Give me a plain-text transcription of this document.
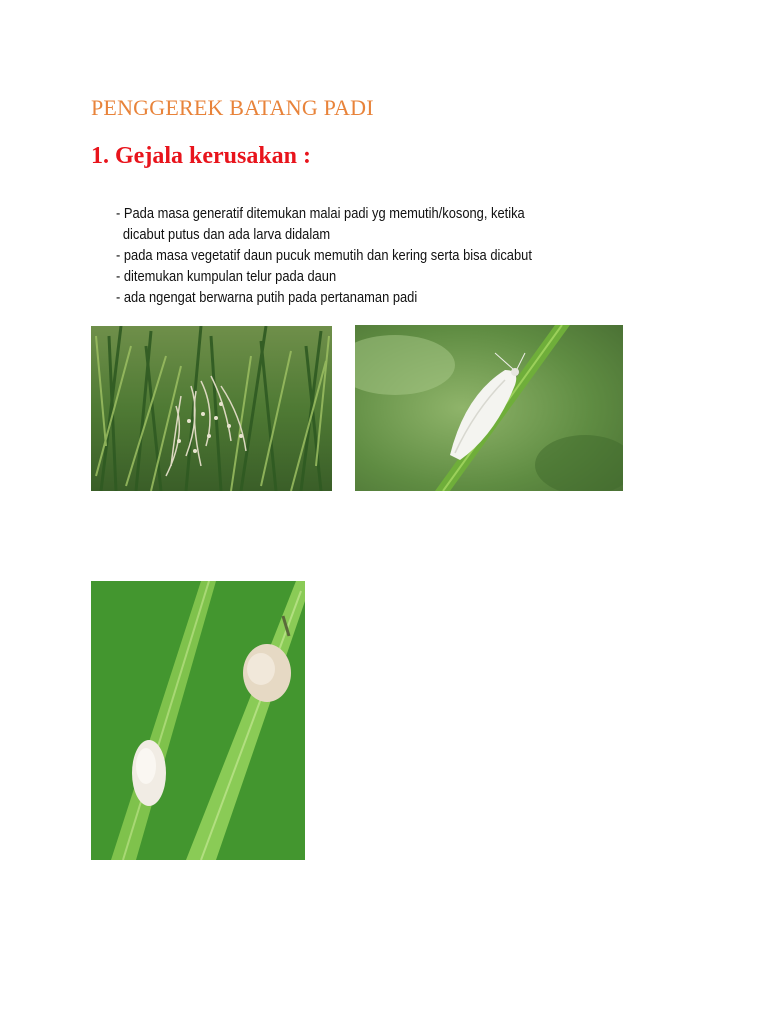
PENGGEREK BATANG PADI
1. Gejala kerusakan :
- Pada masa generatif ditemukan malai padi yg memutih/kosong, ketika
dicabut putus dan ada larva didalam
- pada masa vegetatif daun pucuk memutih dan kering serta bisa dicabut
- ditemukan kumpulan telur pada daun
- ada ngengat berwarna putih pada pertanaman padi
